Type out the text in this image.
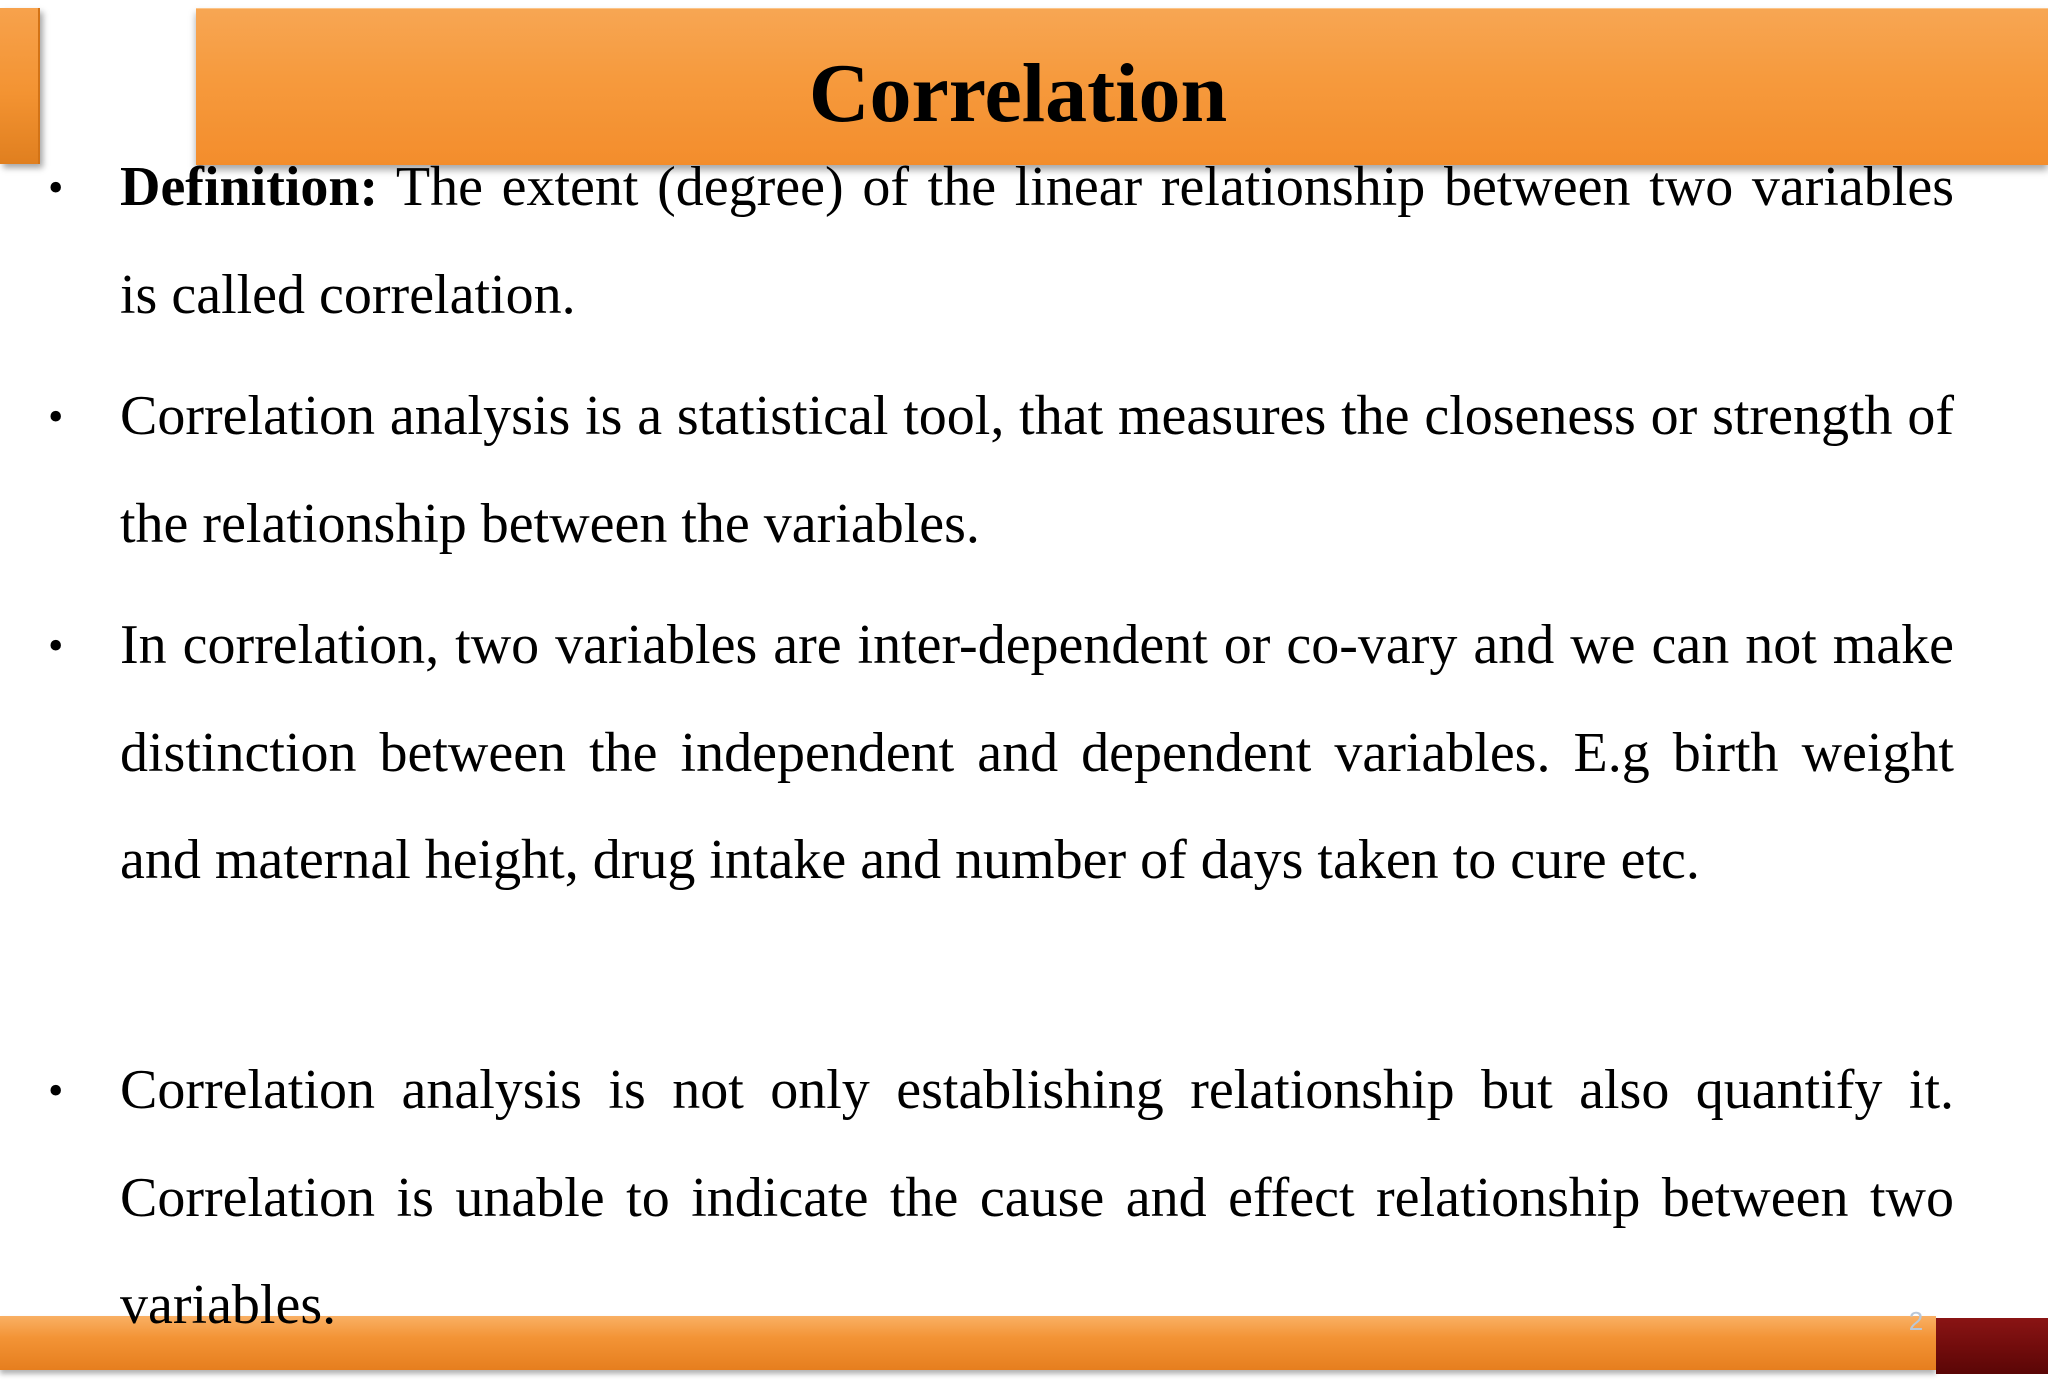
Correlation
• Definition: The extent (degree) of the linear relationship between two variables is called correlation.
• Correlation analysis is a statistical tool, that measures the closeness or strength of the relationship between the variables.
• In correlation, two variables are inter-dependent or co-vary and we can not make distinction between the independent and dependent variables. E.g birth weight and maternal height, drug intake and number of days taken to cure etc.
• Correlation analysis is not only establishing relationship but also quantify it. Correlation is unable to indicate the cause and effect relationship between two variables.	2
